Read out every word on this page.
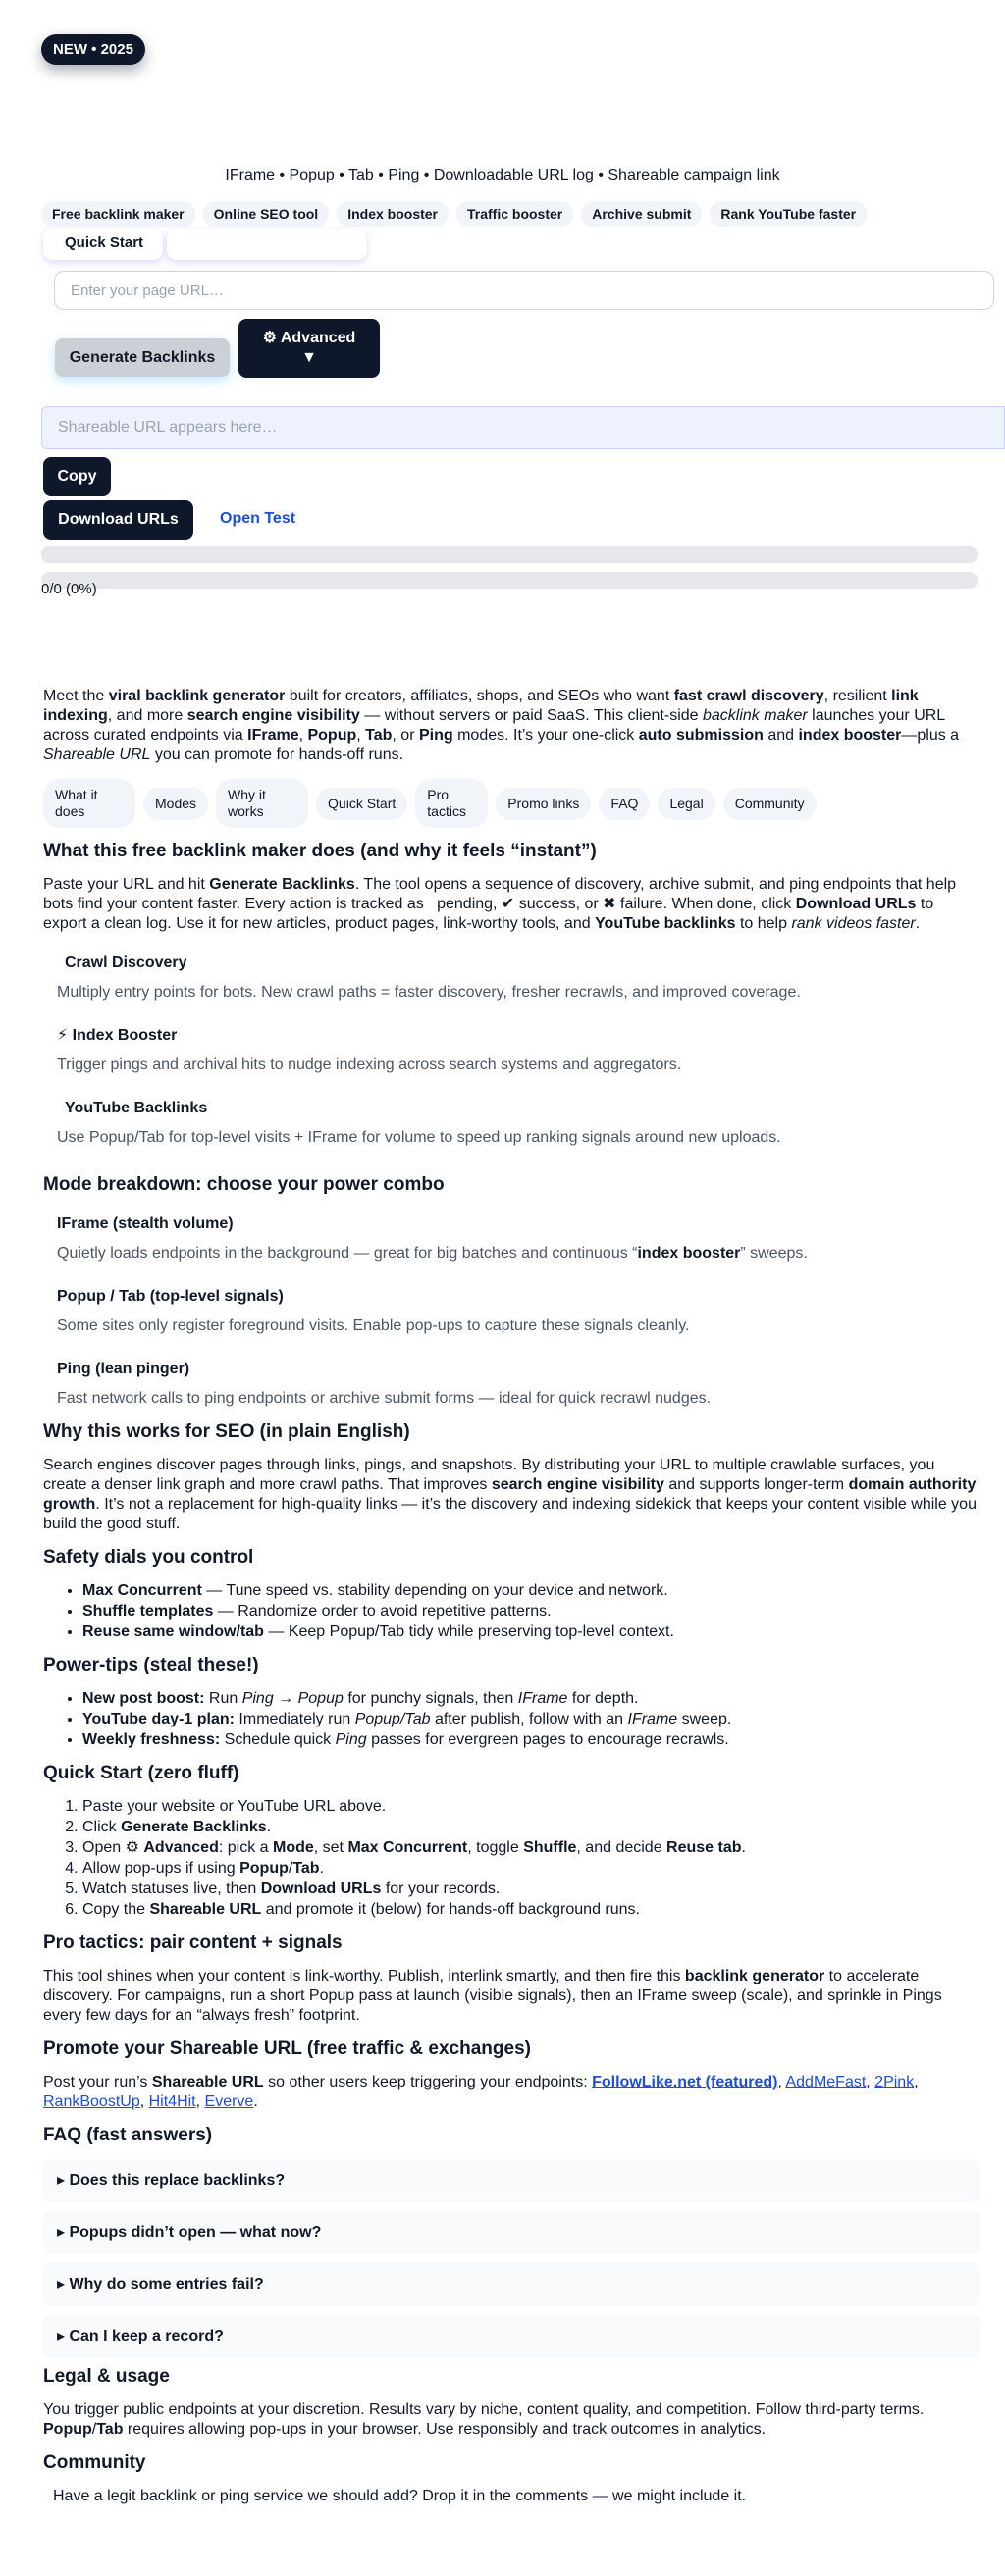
NEW • 2025
IFrame • Popup • Tab • Ping • Downloadable URL log • Shareable campaign link
Free backlink maker	Online SEO tool	Index booster	Traffic booster	Archive submit	Rank YouTube faster
Quick Start
Enter your page URL…
Generate Backlinks
⚙ Advanced
▼
Shareable URL appears here…
Copy
Download URLs	Open Test
0/0 (0%)

Meet the viral backlink generator built for creators, affiliates, shops, and SEOs who want fast crawl discovery, resilient link indexing, and more search engine visibility — without servers or paid SaaS. This client-side backlink maker launches your URL across curated endpoints via IFrame, Popup, Tab, or Ping modes. It’s your one-click auto submission and index booster—plus a Shareable URL you can promote for hands-off runs.

What it does
Modes
Why it works
Quick Start
Pro tactics
Promo links	FAQ	Legal	Community
What this free backlink maker does (and why it feels “instant”)

Paste your URL and hit Generate Backlinks. The tool opens a sequence of discovery, archive submit, and ping endpoints that help bots find your content faster. Every action is tracked as   pending, ✔ success, or ✖ failure. When done, click Download URLs to export a clean log. Use it for new articles, product pages, link-worthy tools, and YouTube backlinks to help rank videos faster.

Crawl Discovery
Multiply entry points for bots. New crawl paths = faster discovery, fresher recrawls, and improved coverage.
⚡ Index Booster
Trigger pings and archival hits to nudge indexing across search systems and aggregators.
YouTube Backlinks
Use Popup/Tab for top-level visits + IFrame for volume to speed up ranking signals around new uploads.
Mode breakdown: choose your power combo
IFrame (stealth volume)
Quietly loads endpoints in the background — great for big batches and continuous “index booster” sweeps.
Popup / Tab (top-level signals)
Some sites only register foreground visits. Enable pop-ups to capture these signals cleanly.
Ping (lean pinger)
Fast network calls to ping endpoints or archive submit forms — ideal for quick recrawl nudges.
Why this works for SEO (in plain English)

Search engines discover pages through links, pings, and snapshots. By distributing your URL to multiple crawlable surfaces, you create a denser link graph and more crawl paths. That improves search engine visibility and supports longer-term domain authority growth. It’s not a replacement for high-quality links — it’s the discovery and indexing sidekick that keeps your content visible while you build the good stuff.

Safety dials you control
• Max Concurrent — Tune speed vs. stability depending on your device and network.
• Shuffle templates — Randomize order to avoid repetitive patterns.
• Reuse same window/tab — Keep Popup/Tab tidy while preserving top-level context.
Power-tips (steal these!)
• New post boost: Run Ping → Popup for punchy signals, then IFrame for depth.
• YouTube day-1 plan: Immediately run Popup/Tab after publish, follow with an IFrame sweep.
• Weekly freshness: Schedule quick Ping passes for evergreen pages to encourage recrawls.
Quick Start (zero fluff)
1. Paste your website or YouTube URL above.
2. Click Generate Backlinks.
3. Open ⚙ Advanced: pick a Mode, set Max Concurrent, toggle Shuffle, and decide Reuse tab.
4. Allow pop-ups if using Popup/Tab.
5. Watch statuses live, then Download URLs for your records.
6. Copy the Shareable URL and promote it (below) for hands-off background runs.
Pro tactics: pair content + signals

This tool shines when your content is link-worthy. Publish, interlink smartly, and then fire this backlink generator to accelerate discovery. For campaigns, run a short Popup pass at launch (visible signals), then an IFrame sweep (scale), and sprinkle in Pings every few days for an “always fresh” footprint.

Promote your Shareable URL (free traffic & exchanges)

Post your run’s Shareable URL so other users keep triggering your endpoints: FollowLike.net (featured), AddMeFast, 2Pink, RankBoostUp, Hit4Hit, Everve.

FAQ (fast answers)
▸ Does this replace backlinks?
▸ Popups didn’t open — what now?
▸ Why do some entries fail?
▸ Can I keep a record?
Legal & usage

You trigger public endpoints at your discretion. Results vary by niche, content quality, and competition. Follow third-party terms. Popup/Tab requires allowing pop-ups in your browser. Use responsibly and track outcomes in analytics.

Community

Have a legit backlink or ping service we should add? Drop it in the comments — we might include it.
